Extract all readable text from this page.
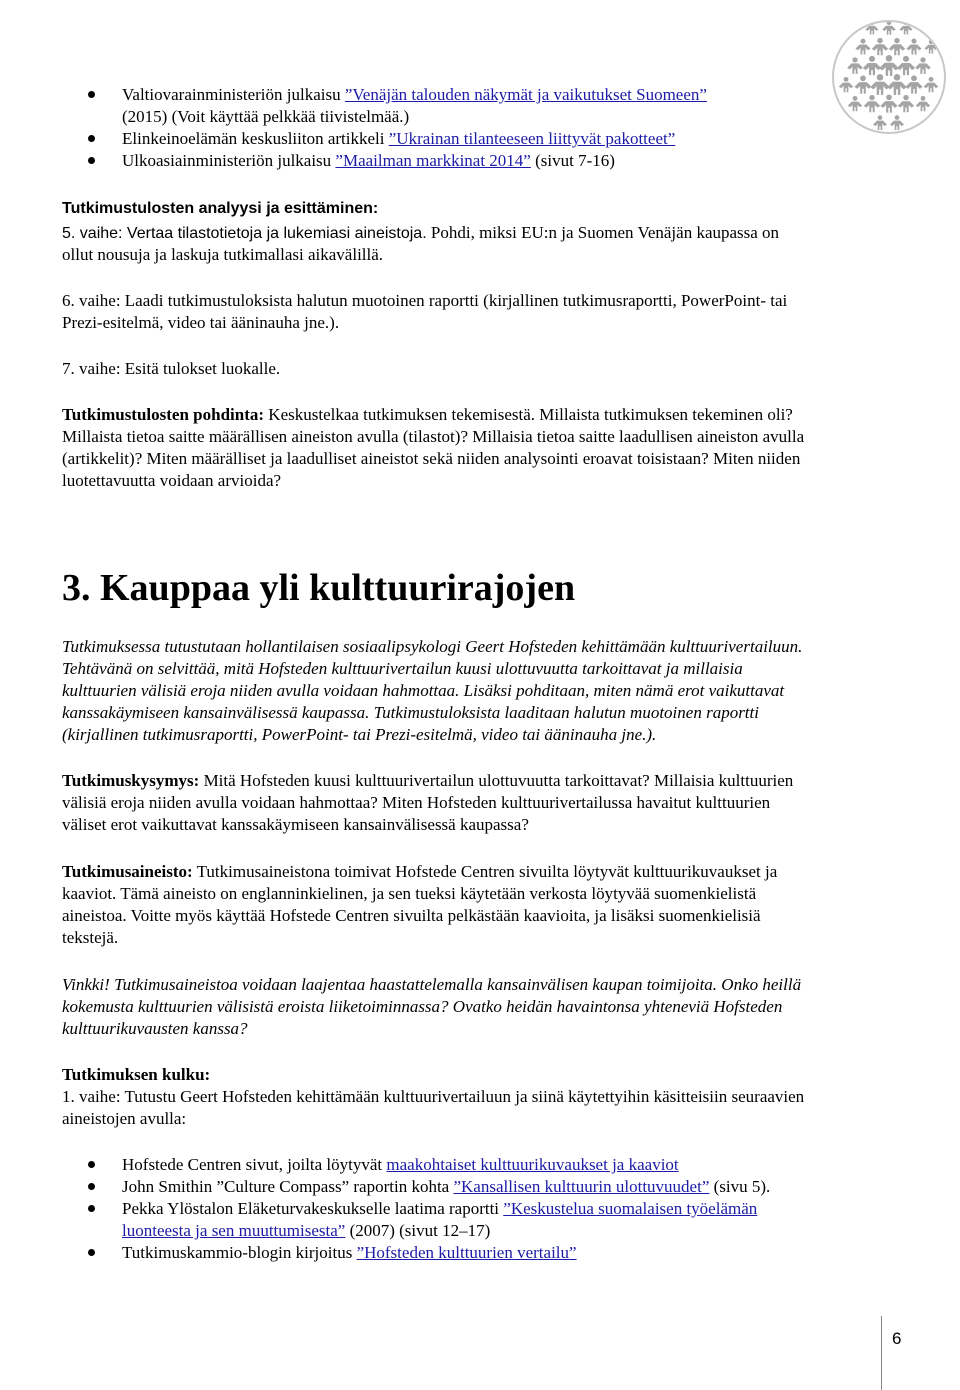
Valtiovarainministeriön julkaisu ”Venäjän talouden näkymät ja vaikutukset Suomeen”
(2015) (Voit käyttää pelkkää tiivistelmää.)
Elinkeinoelämän keskusliiton artikkeli ”Ukrainan tilanteeseen liittyvät pakotteet”
Ulkoasiainministeriön julkaisu ”Maailman markkinat 2014” (sivut 7-16)
Tutkimustulosten analyysi ja esittäminen:
5. vaihe: Vertaa tilastotietoja ja lukemiasi aineistoja. Pohdi, miksi EU:n ja Suomen Venäjän kaupassa on
ollut nousuja ja laskuja tutkimallasi aikavälillä.
6. vaihe: Laadi tutkimustuloksista halutun muotoinen raportti (kirjallinen tutkimusraportti, PowerPoint- tai
Prezi-esitelmä, video tai ääninauha jne.).
7. vaihe: Esitä tulokset luokalle.
Tutkimustulosten pohdinta: Keskustelkaa tutkimuksen tekemisestä. Millaista tutkimuksen tekeminen oli?
Millaista tietoa saitte määrällisen aineiston avulla (tilastot)? Millaisia tietoa saitte laadullisen aineiston avulla
(artikkelit)? Miten määrälliset ja laadulliset aineistot sekä niiden analysointi eroavat toisistaan? Miten niiden
luotettavuutta voidaan arvioida?
3. Kauppaa yli kulttuurirajojen
Tutkimuksessa tutustutaan hollantilaisen sosiaalipsykologi Geert Hofsteden kehittämään kulttuurivertailuun.
Tehtävänä on selvittää, mitä Hofsteden kulttuurivertailun kuusi ulottuvuutta tarkoittavat ja millaisia
kulttuurien välisiä eroja niiden avulla voidaan hahmottaa. Lisäksi pohditaan, miten nämä erot vaikuttavat
kanssakäymiseen kansainvälisessä kaupassa. Tutkimustuloksista laaditaan halutun muotoinen raportti
(kirjallinen tutkimusraportti, PowerPoint- tai Prezi-esitelmä, video tai ääninauha jne.).
Tutkimuskysymys: Mitä Hofsteden kuusi kulttuurivertailun ulottuvuutta tarkoittavat? Millaisia kulttuurien
välisiä eroja niiden avulla voidaan hahmottaa? Miten Hofsteden kulttuurivertailussa havaitut kulttuurien
väliset erot vaikuttavat kanssakäymiseen kansainvälisessä kaupassa?
Tutkimusaineisto: Tutkimusaineistona toimivat Hofstede Centren sivuilta löytyvät kulttuurikuvaukset ja
kaaviot. Tämä aineisto on englanninkielinen, ja sen tueksi käytetään verkosta löytyvää suomenkielistä
aineistoa. Voitte myös käyttää Hofstede Centren sivuilta pelkästään kaavioita, ja lisäksi suomenkielisiä
tekstejä.
Vinkki! Tutkimusaineistoa voidaan laajentaa haastattelemalla kansainvälisen kaupan toimijoita. Onko heillä
kokemusta kulttuurien välisistä eroista liiketoiminnassa? Ovatko heidän havaintonsa yhteneviä Hofsteden
kulttuurikuvausten kanssa?
Tutkimuksen kulku:
1. vaihe: Tutustu Geert Hofsteden kehittämään kulttuurivertailuun ja siinä käytettyihin käsitteisiin seuraavien
aineistojen avulla:
Hofstede Centren sivut, joilta löytyvät maakohtaiset kulttuurikuvaukset ja kaaviot
John Smithin ”Culture Compass” raportin kohta ”Kansallisen kulttuurin ulottuvuudet” (sivu 5).
Pekka Ylöstalon Eläketurvakeskukselle laatima raportti ”Keskustelua suomalaisen työelämän
luonteesta ja sen muuttumisesta” (2007) (sivut 12–17)
Tutkimuskammio-blogin kirjoitus ”Hofsteden kulttuurien vertailu”
6
